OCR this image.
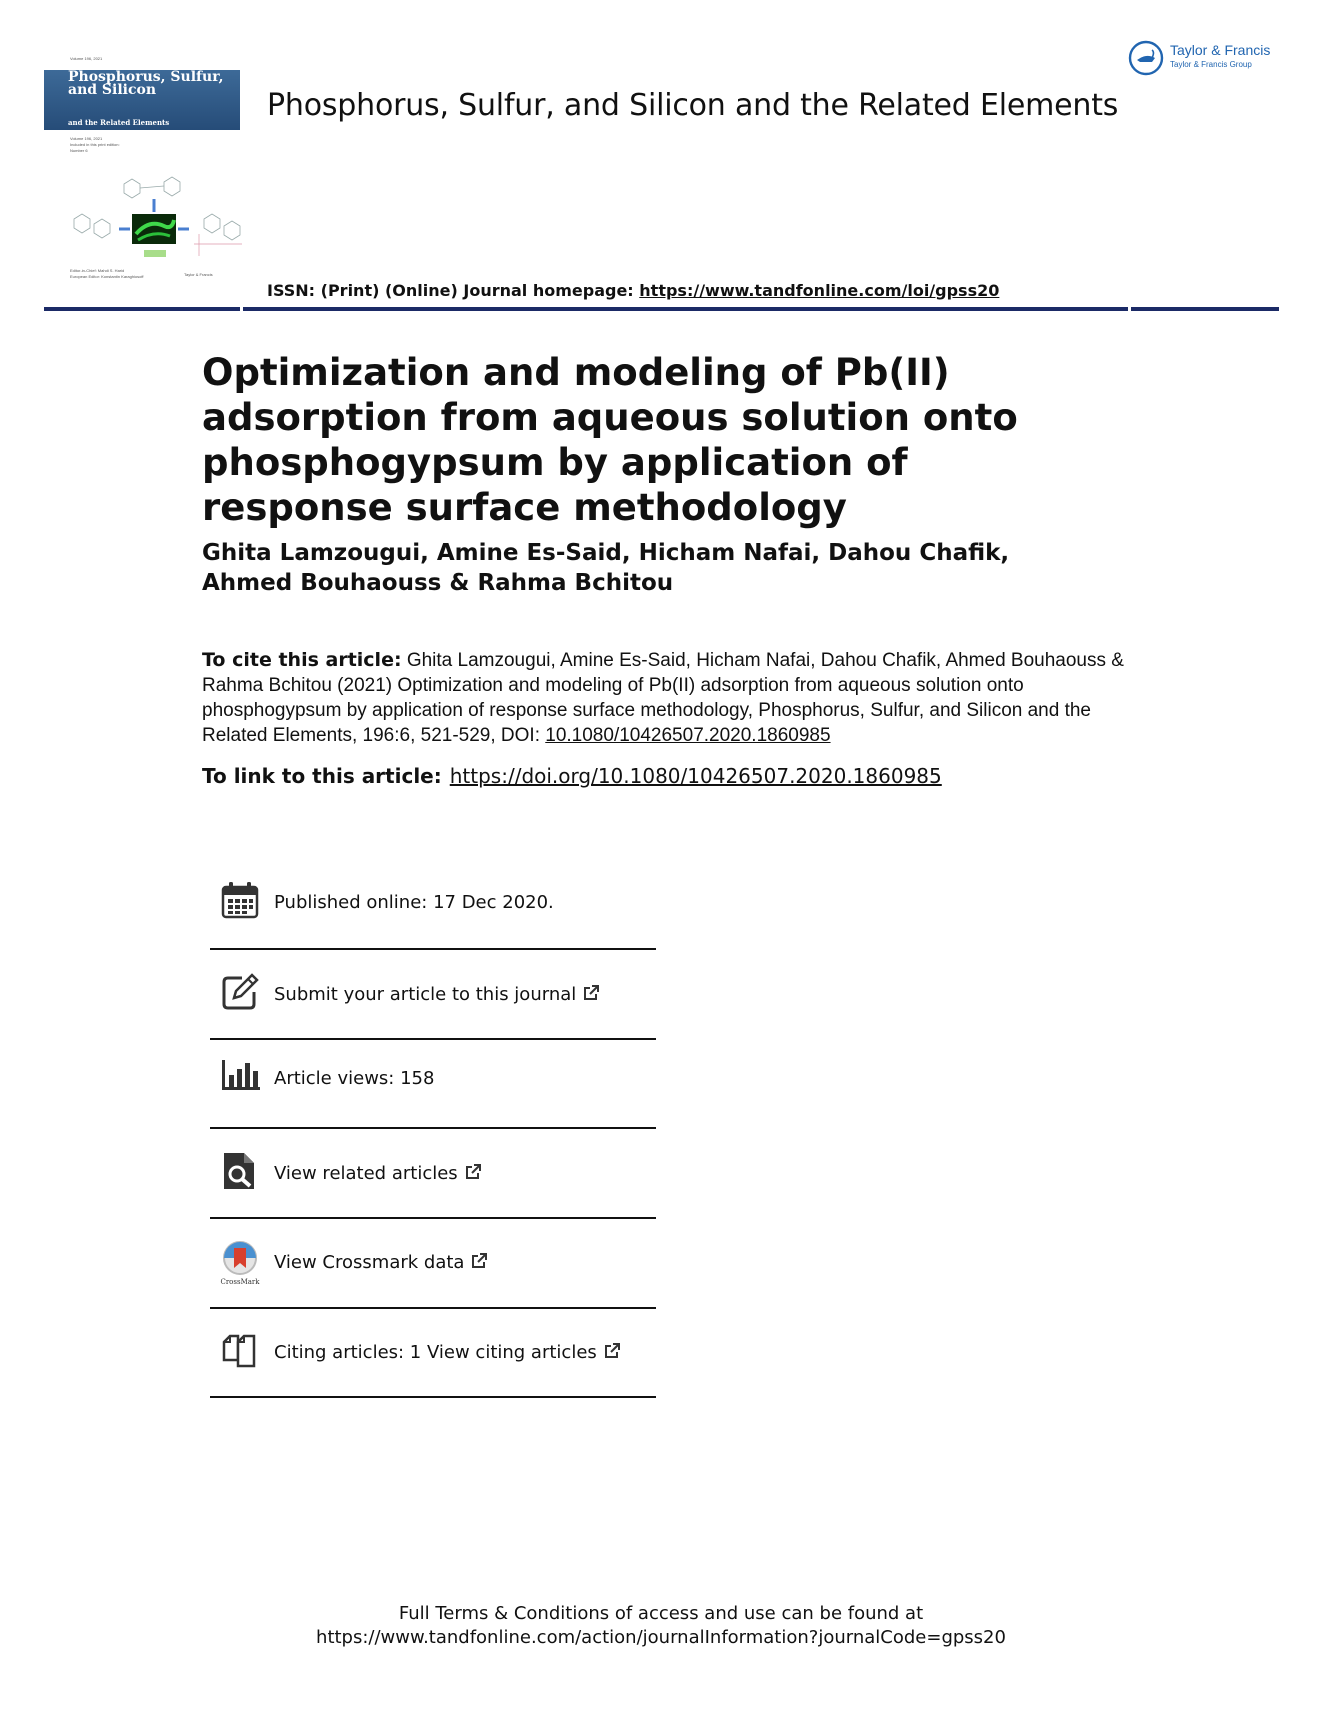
Volume 196, 2021
Phosphorus, Sulfur, and Silicon
and the Related Elements
Volume 196, 2021
Included in this print edition:
Number 6
Editor-in-Chief: Mahdi S. Harid
European Editor: Konstantin Karaghiosoff	Taylor & Francis
Phosphorus, Sulfur, and Silicon and the Related Elements
Taylor & Francis
Taylor & Francis Group
ISSN: (Print) (Online) Journal homepage: https://www.tandfonline.com/loi/gpss20
Optimization and modeling of Pb(II) adsorption from aqueous solution onto phosphogypsum by application of response surface methodology
Ghita Lamzougui, Amine Es-Said, Hicham Nafai, Dahou Chafik, Ahmed Bouhaouss & Rahma Bchitou
To cite this article: Ghita Lamzougui, Amine Es-Said, Hicham Nafai, Dahou Chafik, Ahmed Bouhaouss & Rahma Bchitou (2021) Optimization and modeling of Pb(II) adsorption from aqueous solution onto phosphogypsum by application of response surface methodology, Phosphorus, Sulfur, and Silicon and the Related Elements, 196:6, 521-529, DOI: 10.1080/10426507.2020.1860985
To link to this article: https://doi.org/10.1080/10426507.2020.1860985
Published online: 17 Dec 2020.
Submit your article to this journal
Article views: 158
View related articles
CrossMark
View Crossmark data
Citing articles: 1 View citing articles
Full Terms & Conditions of access and use can be found at
https://www.tandfonline.com/action/journalInformation?journalCode=gpss20
